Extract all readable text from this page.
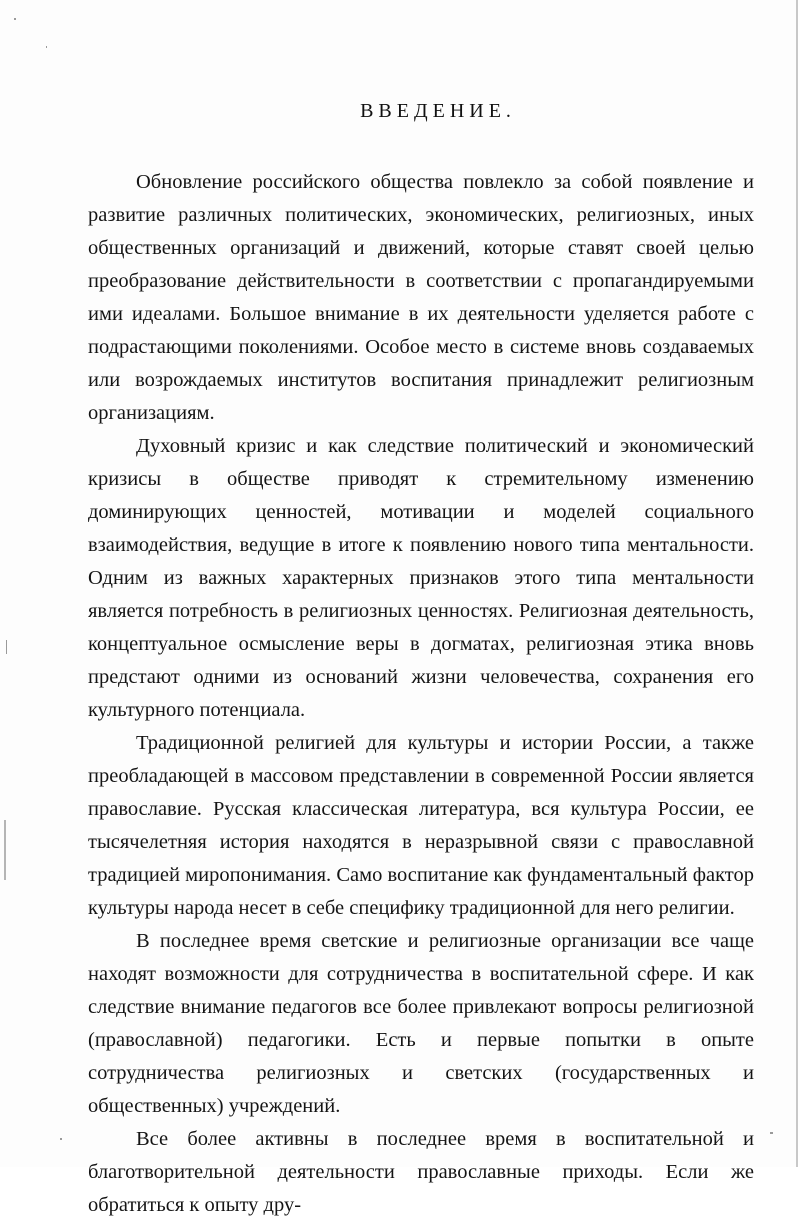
ВВЕДЕНИЕ.

Обновление российского общества повлекло за собой появление и развитие различных политических, экономических, религиозных, иных общественных организаций и движений, которые ставят своей целью преобразование действительности в соответствии с пропагандируемыми ими идеалами. Большое внимание в их деятельности уделяется работе с подрастающими поколениями. Особое место в системе вновь создаваемых или возрождаемых институтов воспитания принадлежит религиозным организациям.

Духовный кризис и как следствие политический и экономический кризисы в обществе приводят к стремительному изменению доминирующих ценностей, мотивации и моделей социального взаимодействия, ведущие в итоге к появлению нового типа ментальности. Одним из важных характерных признаков этого типа ментальности является потребность в религиозных ценностях. Религиозная деятельность, концептуальное осмысление веры в догматах, религиозная этика вновь предстают одними из оснований жизни человечества, сохранения его культурного потенциала.

Традиционной религией для культуры и истории России, а также преобладающей в массовом представлении в современной России является православие. Русская классическая литература, вся культура России, ее тысячелетняя история находятся в неразрывной связи с православной традицией миропонимания. Само воспитание как фундаментальный фактор культуры народа несет в себе специфику традиционной для него религии.

В последнее время светские и религиозные организации все чаще находят возможности для сотрудничества в воспитательной сфере. И как следствие внимание педагогов все более привлекают вопросы религиозной (православной) педагогики. Есть и первые попытки в опыте сотрудничества религиозных и светских (государственных и общественных) учреждений.

Все более активны в последнее время в воспитательной и благотворительной деятельности православные приходы. Если же обратиться к опыту дру-
